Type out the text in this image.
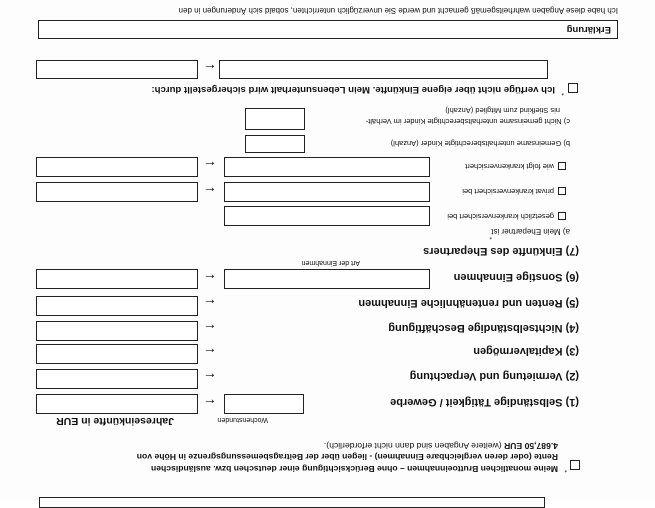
*
Meine monatlichen Bruttoeinnahmen – ohne Berücksichtigung einer deutschen bzw. ausländischen
Rente (oder deren vergleichbare Einnahmen) - liegen über der Beitragsbemessungsgrenze in Höhe von
4.687,50 EUR (weitere Angaben sind dann nicht erforderlich).
Jahreseinkünfte in EUR	Wochenstunden
(1) Selbständige Tätigkeit / Gewerbe
←
(2) Vermietung und Verpachtung
←
(3) Kapitalvermögen
←
(4) Nichtselbständige Beschäftigung
←
(5) Renten und rentenähnliche Einnahmen
←
(6) Sonstige Einnahmen
←
Art der Einnahmen
(7) Einkünfte des Ehepartners
a) Mein Ehepartner ist
*
gesetzlich krankenversichert bei
privat krankenversichert bei
←
wie folgt krankenversichert
←
b) Gemeinsame unterhaltsberechtigte Kinder (Anzahl)
c) Nicht gemeinsame unterhaltsberechtigte Kinder im Verhält-
nis Stiefkind zum Mitglied (Anzahl)
*
Ich verfüge nicht über eigene Einkünfte. Mein Lebensunterhalt wird sichergestellt durch:
←
Erklärung
Ich habe diese Angaben wahrheitsgemäß gemacht und werde Sie unverzüglich unterrichten, sobald sich Änderungen in den
